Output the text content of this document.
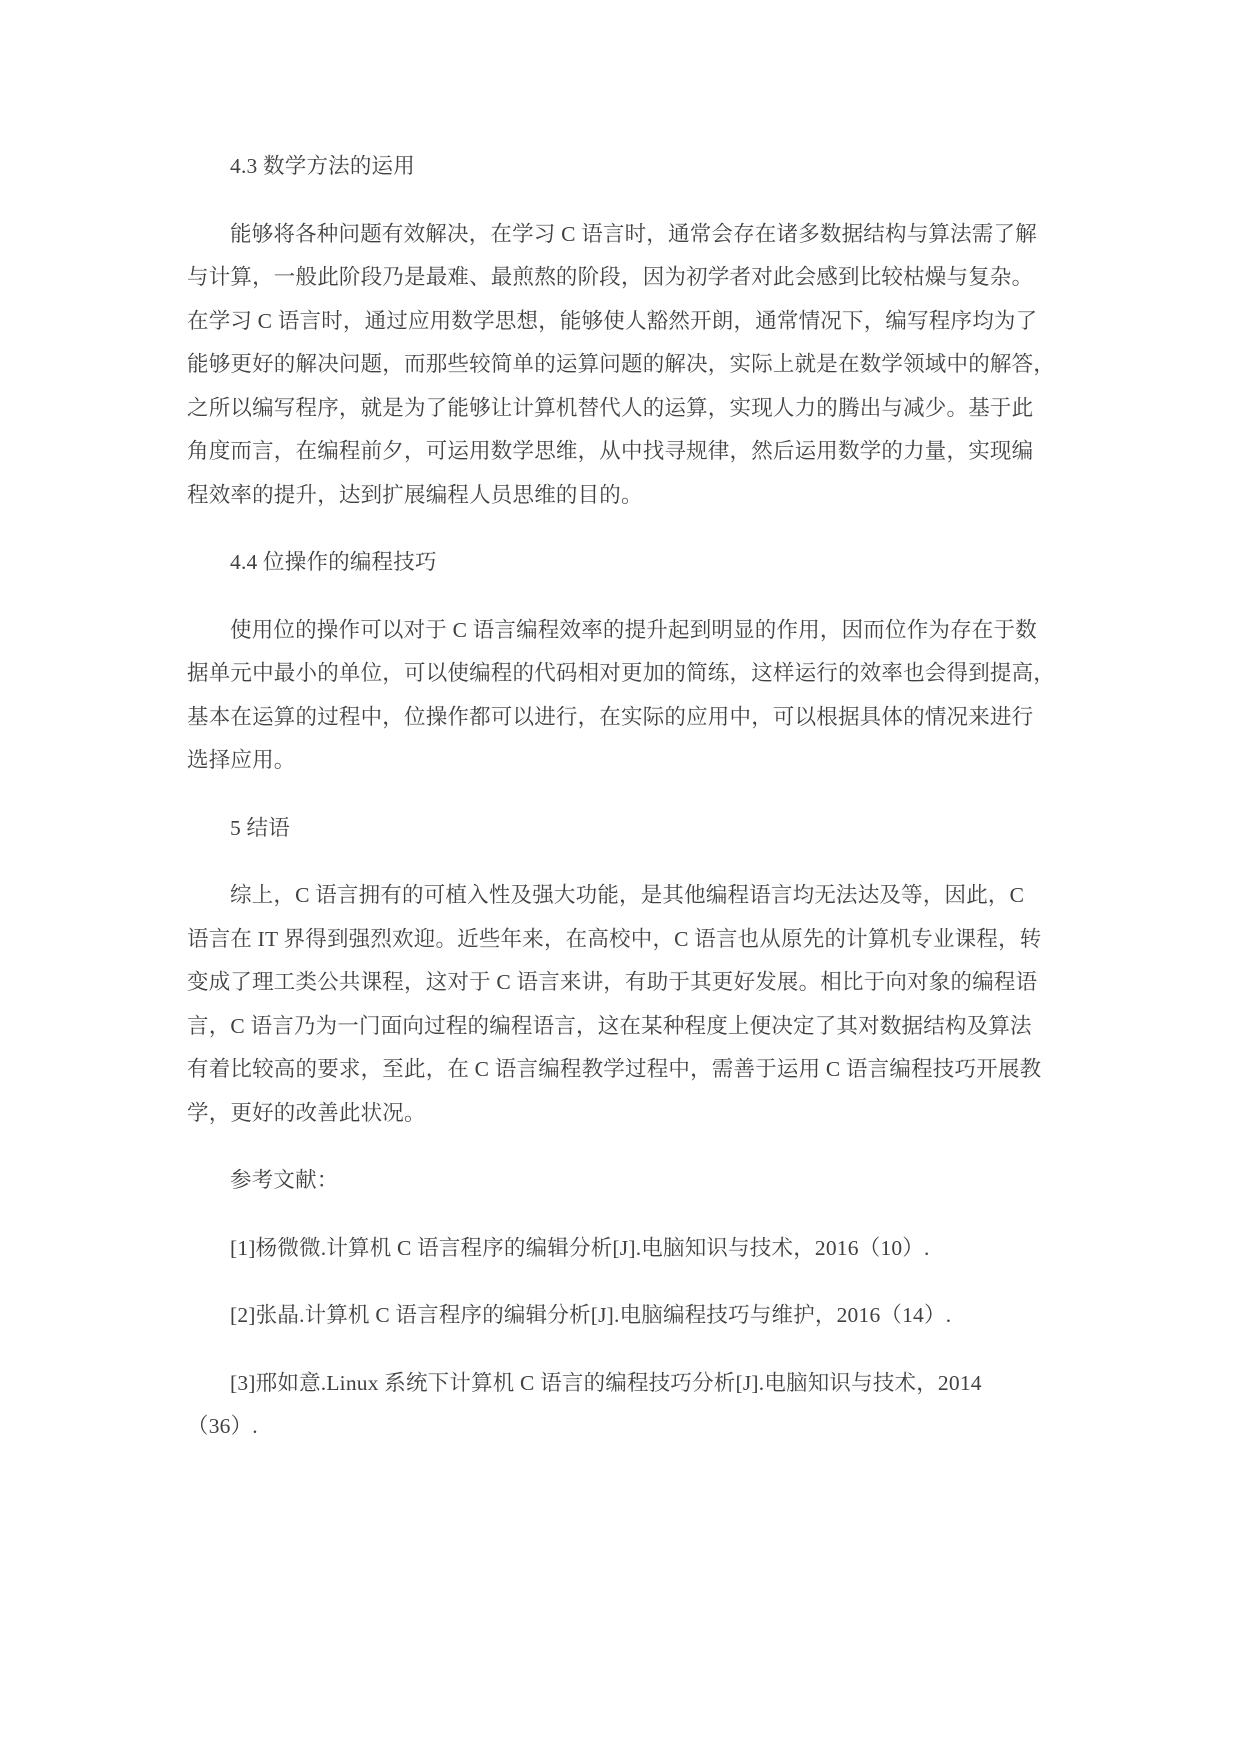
4.3 数学方法的运用
能够将各种问题有效解决，在学习 C 语言时，通常会存在诸多数据结构与算法需了解
与计算，一般此阶段乃是最难、最煎熬的阶段，因为初学者对此会感到比较枯燥与复杂。
在学习 C 语言时，通过应用数学思想，能够使人豁然开朗，通常情况下，编写程序均为了
能够更好的解决问题，而那些较简单的运算问题的解决，实际上就是在数学领域中的解答，
之所以编写程序，就是为了能够让计算机替代人的运算，实现人力的腾出与减少。基于此
角度而言，在编程前夕，可运用数学思维，从中找寻规律，然后运用数学的力量，实现编
程效率的提升，达到扩展编程人员思维的目的。
4.4 位操作的编程技巧
使用位的操作可以对于 C 语言编程效率的提升起到明显的作用，因而位作为存在于数
据单元中最小的单位，可以使编程的代码相对更加的简练，这样运行的效率也会得到提高，
基本在运算的过程中，位操作都可以进行，在实际的应用中，可以根据具体的情况来进行
选择应用。
5 结语
综上，C 语言拥有的可植入性及强大功能，是其他编程语言均无法达及等，因此，C
语言在 IT 界得到强烈欢迎。近些年来，在高校中，C 语言也从原先的计算机专业课程，转
变成了理工类公共课程，这对于 C 语言来讲，有助于其更好发展。相比于向对象的编程语
言，C 语言乃为一门面向过程的编程语言，这在某种程度上便决定了其对数据结构及算法
有着比较高的要求，至此，在 C 语言编程教学过程中，需善于运用 C 语言编程技巧开展教
学，更好的改善此状况。
参考文献：
[1]杨微微.计算机 C 语言程序的编辑分析[J].电脑知识与技术，2016（10）.
[2]张晶.计算机 C 语言程序的编辑分析[J].电脑编程技巧与维护，2016（14）.
[3]邢如意.Linux 系统下计算机 C 语言的编程技巧分析[J].电脑知识与技术，2014
（36）.
